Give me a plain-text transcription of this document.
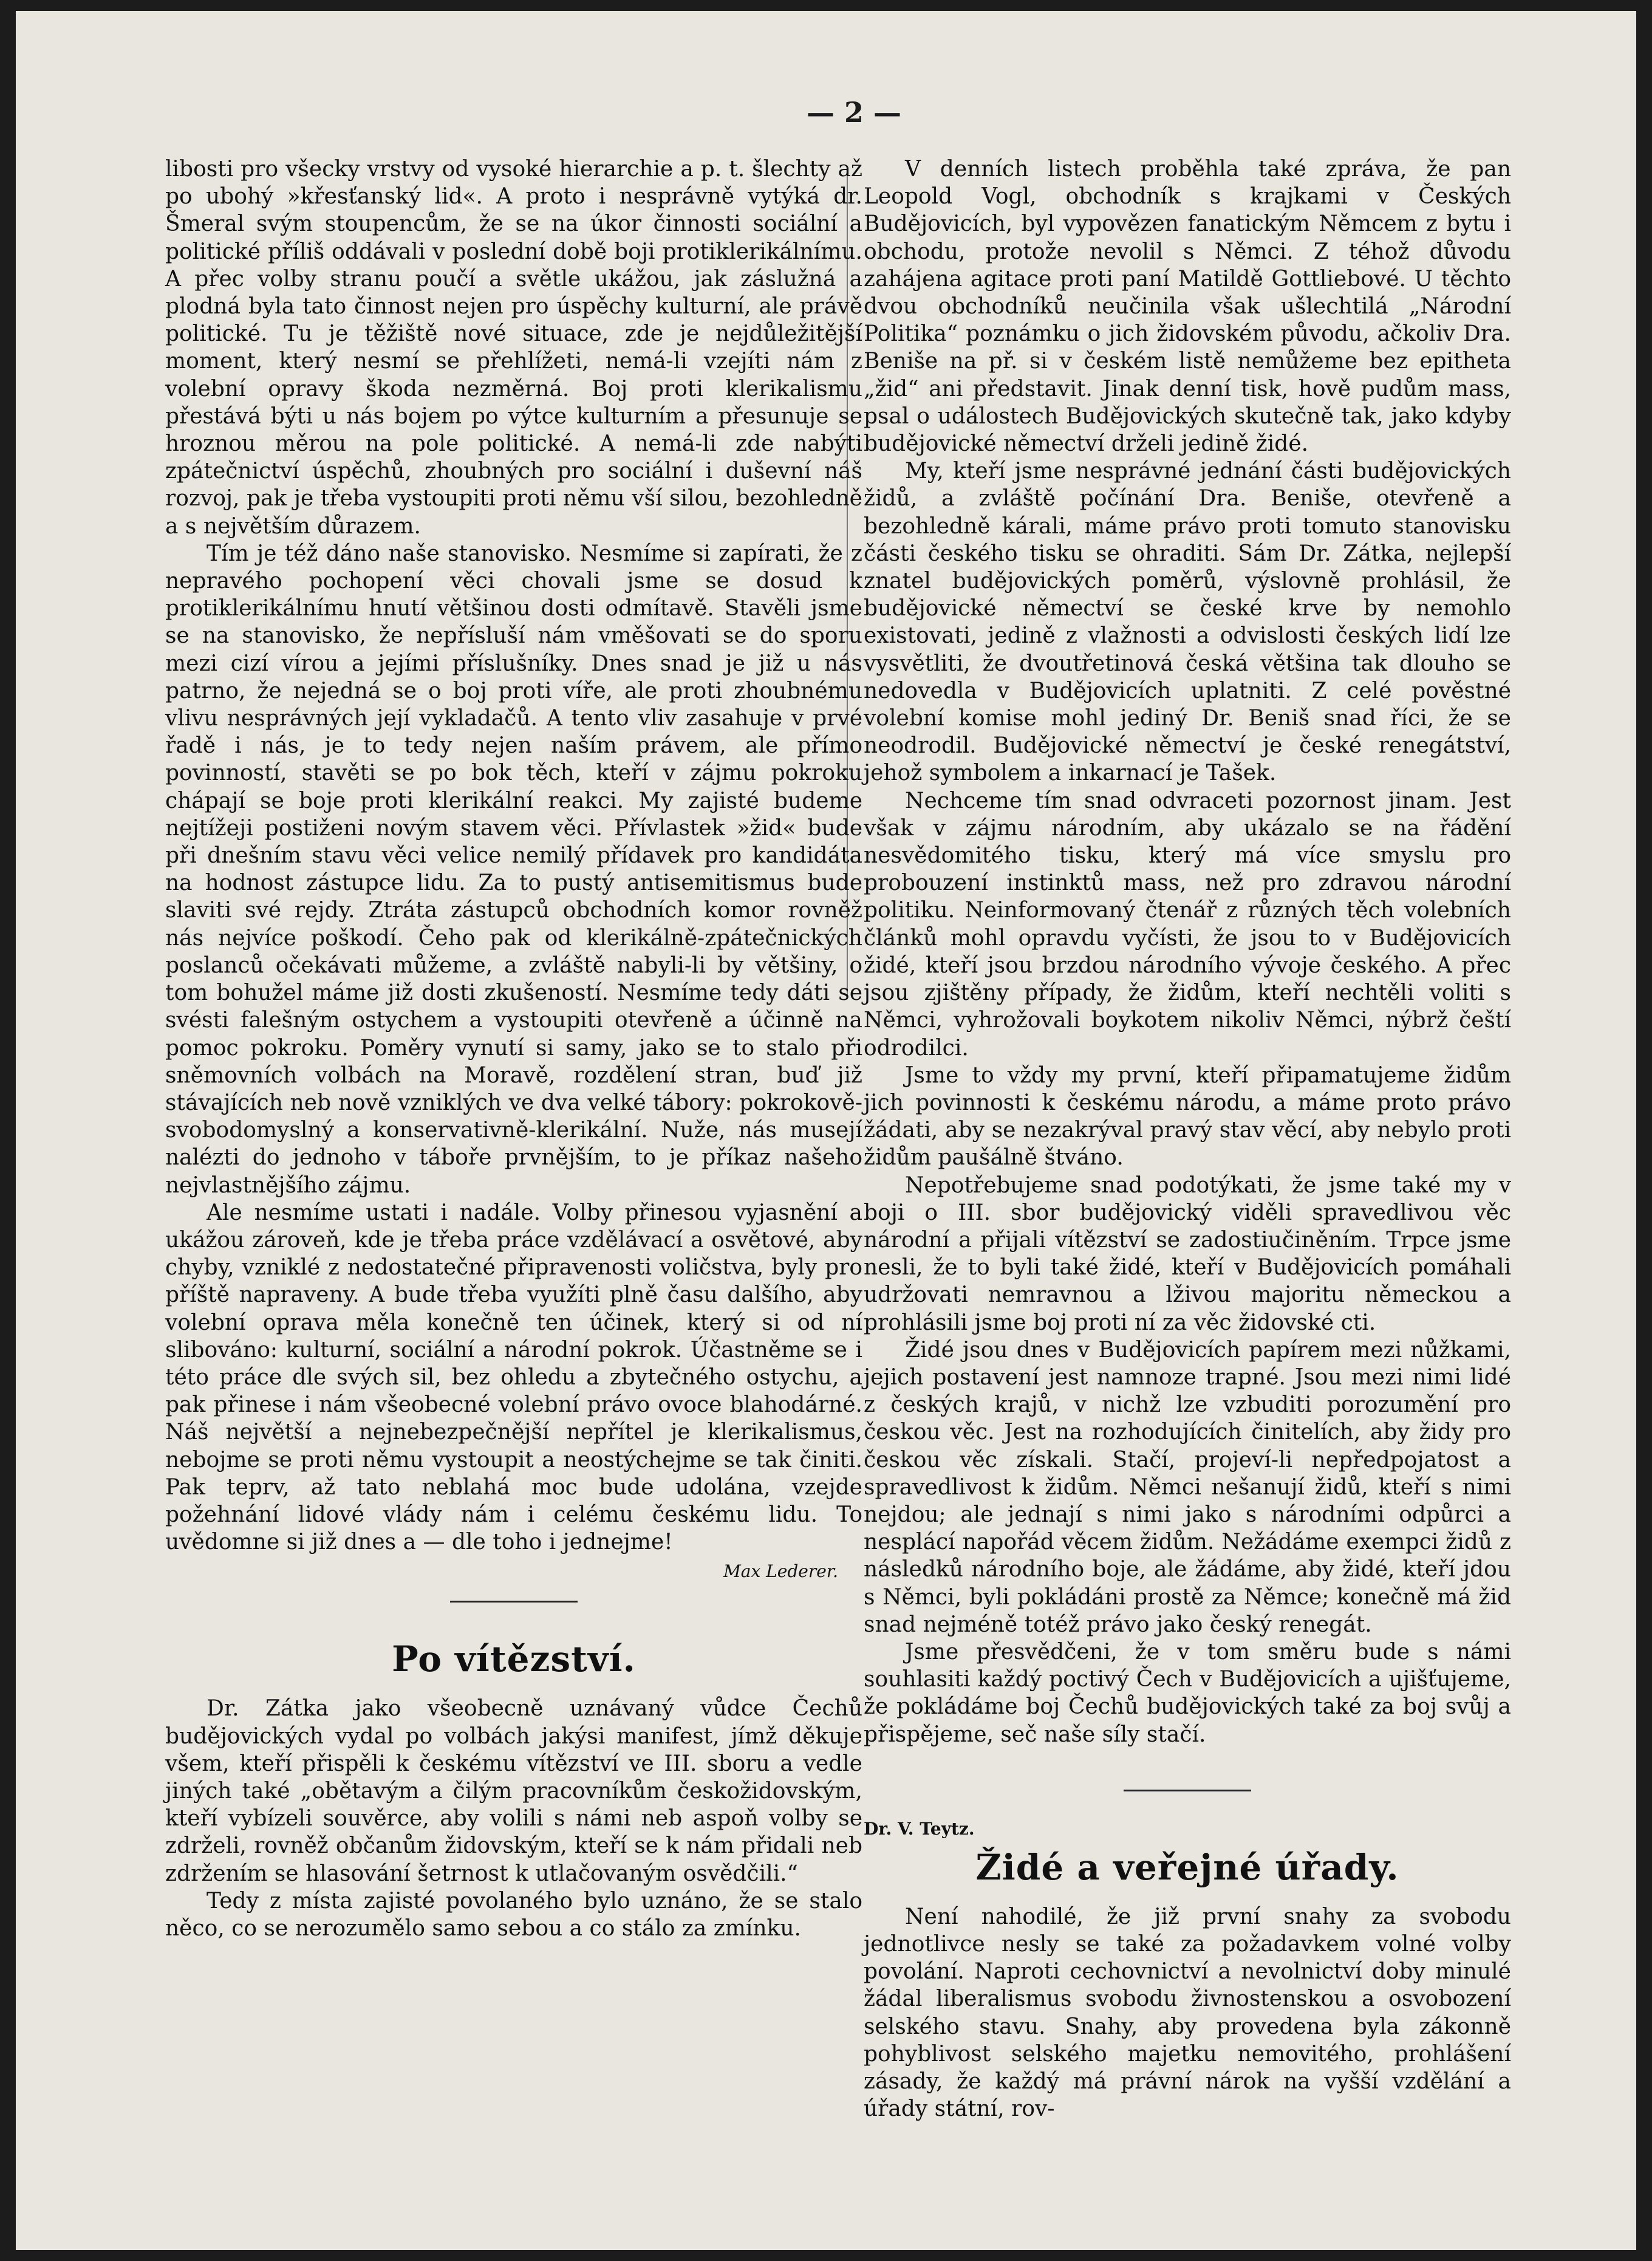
— 2 —

libosti pro všecky vrstvy od vysoké hierarchie a p. t. šlechty až po ubohý »křesťanský lid«. A proto i nesprávně vytýká dr. Šmeral svým stoupencům, že se na úkor činnosti sociální a politické příliš oddávali v poslední době boji protiklerikálnímu. A přec volby stranu poučí a světle ukážou, jak záslužná a plodná byla tato činnost nejen pro úspěchy kulturní, ale právě politické. Tu je těžiště nové situace, zde je nejdůležitější moment, který nesmí se přehlížeti, nemá-li vzejíti nám z volební opravy škoda nezměrná. Boj proti klerikalismu přestává býti u nás bojem po výtce kulturním a přesunuje se hroznou měrou na pole politické. A nemá-li zde nabýti zpátečnictví úspěchů, zhoubných pro sociální i duševní náš rozvoj, pak je třeba vystoupiti proti němu vší silou, bezohledně a s největším důrazem.

Tím je též dáno naše stanovisko. Nesmíme si zapírati, že z nepravého pochopení věci chovali jsme se dosud k protiklerikálnímu hnutí většinou dosti odmítavě. Stavěli jsme se na stanovisko, že nepřísluší nám vměšovati se do sporu mezi cizí vírou a jejími příslušníky. Dnes snad je již u nás patrno, že nejedná se o boj proti víře, ale proti zhoubnému vlivu nesprávných její vykladačů. A tento vliv zasahuje v prvé řadě i nás, je to tedy nejen naším právem, ale přímo povinností, stavěti se po bok těch, kteří v zájmu pokroku chápají se boje proti klerikální reakci. My zajisté budeme nejtížeji postiženi novým stavem věci. Přívlastek »žid« bude při dnešním stavu věci velice nemilý přídavek pro kandidáta na hodnost zástupce lidu. Za to pustý antisemitismus bude slaviti své rejdy. Ztráta zástupců obchodních komor rovněž nás nejvíce poškodí. Čeho pak od klerikálně-zpátečnických poslanců očekávati můžeme, a zvláště nabyli-li by většiny, o tom bohužel máme již dosti zkušeností. Nesmíme tedy dáti se svésti falešným ostychem a vystoupiti otevřeně a účinně na pomoc pokroku. Poměry vynutí si samy, jako se to stalo při sněmovních volbách na Moravě, rozdělení stran, buď již stávajících neb nově vzniklých ve dva velké tábory: pokrokově-svobodomyslný a konservativně-klerikální. Nuže, nás musejí nalézti do jednoho v táboře prvnějším, to je příkaz našeho nejvlastnějšího zájmu.

Ale nesmíme ustati i nadále. Volby přinesou vyjasnění a ukážou zároveň, kde je třeba práce vzdělávací a osvětové, aby chyby, vzniklé z nedostatečné připravenosti voličstva, byly pro příště napraveny. A bude třeba využíti plně času dalšího, aby volební oprava měla konečně ten účinek, který si od ní slibováno: kulturní, sociální a národní pokrok. Účastněme se i této práce dle svých sil, bez ohledu a zbytečného ostychu, a pak přinese i nám všeobecné volební právo ovoce blahodárné. Náš největší a nejnebezpečnější nepřítel je klerikalismus, nebojme se proti němu vystoupit a neostýchejme se tak činiti. Pak teprv, až tato neblahá moc bude udolána, vzejde požehnání lidové vlády nám i celému českému lidu. To uvědomne si již dnes a — dle toho i jednejme!

Max Lederer.

Po vítězství.

Dr. Zátka jako všeobecně uznávaný vůdce Čechů budějovických vydal po volbách jakýsi manifest, jímž děkuje všem, kteří přispěli k českému vítězství ve III. sboru a vedle jiných také „obětavým a čilým pracovníkům českožidovským, kteří vybízeli souvěrce, aby volili s námi neb aspoň volby se zdrželi, rovněž občanům židovským, kteří se k nám přidali neb zdržením se hlasování šetrnost k utlačovaným osvědčili.“

Tedy z místa zajisté povolaného bylo uznáno, že se stalo něco, co se nerozumělo samo sebou a co stálo za zmínku.

V denních listech proběhla také zpráva, že pan Leopold Vogl, obchodník s krajkami v Českých Budějovicích, byl vypovězen fanatickým Němcem z bytu i obchodu, protože nevolil s Němci. Z téhož důvodu zahájena agitace proti paní Matildě Gottliebové. U těchto dvou obchodníků neučinila však ušlechtilá „Národní Politika“ poznámku o jich židovském původu, ačkoliv Dra. Beniše na př. si v českém listě nemůžeme bez epitheta „žid“ ani představit. Jinak denní tisk, hově pudům mass, psal o událostech Budějovických skutečně tak, jako kdyby budějovické němectví drželi jedině židé.

My, kteří jsme nesprávné jednání části budějovických židů, a zvláště počínání Dra. Beniše, otevřeně a bezohledně kárali, máme právo proti tomuto stanovisku části českého tisku se ohraditi. Sám Dr. Zátka, nejlepší znatel budějovických poměrů, výslovně prohlásil, že budějovické němectví se české krve by nemohlo existovati, jedině z vlažnosti a odvislosti českých lidí lze vysvětliti, že dvoutřetinová česká většina tak dlouho se nedovedla v Budějovicích uplatniti. Z celé pověstné volební komise mohl jediný Dr. Beniš snad říci, že se neodrodil. Budějovické němectví je české renegátství, jehož symbolem a inkarnací je Tašek.

Nechceme tím snad odvraceti pozornost jinam. Jest však v zájmu národním, aby ukázalo se na řádění nesvědomitého tisku, který má více smyslu pro probouzení instinktů mass, než pro zdravou národní politiku. Neinformovaný čtenář z různých těch volebních článků mohl opravdu vyčísti, že jsou to v Budějovicích židé, kteří jsou brzdou národního vývoje českého. A přec jsou zjištěny případy, že židům, kteří nechtěli voliti s Němci, vyhrožovali boykotem nikoliv Němci, nýbrž čeští odrodilci.

Jsme to vždy my první, kteří připamatujeme židům jich povinnosti k českému národu, a máme proto právo žádati, aby se nezakrýval pravý stav věcí, aby nebylo proti židům paušálně štváno.

Nepotřebujeme snad podotýkati, že jsme také my v boji o III. sbor budějovický viděli spravedlivou věc národní a přijali vítězství se zadostiučiněním. Trpce jsme nesli, že to byli také židé, kteří v Budějovicích pomáhali udržovati nemravnou a lživou majoritu německou a prohlásili jsme boj proti ní za věc židovské cti.

Židé jsou dnes v Budějovicích papírem mezi nůžkami, jejich postavení jest namnoze trapné. Jsou mezi nimi lidé z českých krajů, v nichž lze vzbuditi porozumění pro českou věc. Jest na rozhodujících činitelích, aby židy pro českou věc získali. Stačí, projeví-li nepředpojatost a spravedlivost k židům. Němci nešanují židů, kteří s nimi nejdou; ale jednají s nimi jako s národními odpůrci a nesplácí napořád věcem židům. Nežádáme exempci židů z následků národního boje, ale žádáme, aby židé, kteří jdou s Němci, byli pokládáni prostě za Němce; konečně má žid snad nejméně totéž právo jako český renegát.

Jsme přesvědčeni, že v tom směru bude s námi souhlasiti každý poctivý Čech v Budějovicích a ujišťujeme, že pokládáme boj Čechů budějovických také za boj svůj a přispějeme, seč naše síly stačí.

Dr. V. Teytz.

Židé a veřejné úřady.

Není nahodilé, že již první snahy za svobodu jednotlivce nesly se také za požadavkem volné volby povolání. Naproti cechovnictví a nevolnictví doby minulé žádal liberalismus svobodu živnostenskou a osvobození selského stavu. Snahy, aby provedena byla zákonně pohyblivost selského majetku nemovitého, prohlášení zásady, že každý má právní nárok na vyšší vzdělání a úřady státní, rov-
